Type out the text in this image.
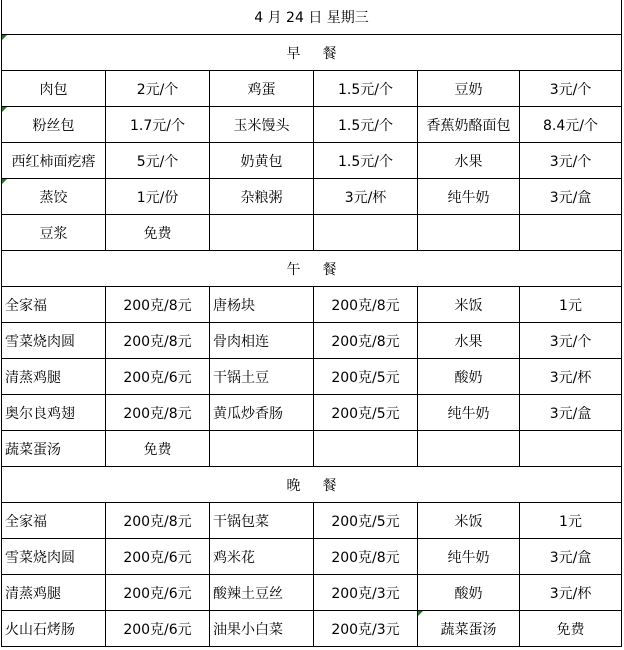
4 月 24 日 星期三					
早 餐					
肉包	2元/个	鸡蛋	1.5元/个	豆奶	3元/个
粉丝包	1.7元/个	玉米馒头	1.5元/个	香蕉奶酪面包	8.4元/个
西红柿面疙瘩	5元/个	奶黄包	1.5元/个	水果	3元/个
蒸饺	1元/份	杂粮粥	3元/杯	纯牛奶	3元/盒
豆浆	免费				
午 餐					
全家福	200克/8元	唐杨块	200克/8元	米饭	1元
雪菜烧肉圆	200克/8元	骨肉相连	200克/8元	水果	3元/个
清蒸鸡腿	200克/6元	干锅土豆	200克/5元	酸奶	3元/杯
奥尔良鸡翅	200克/8元	黄瓜炒香肠	200克/5元	纯牛奶	3元/盒
蔬菜蛋汤	免费				
晚 餐					
全家福	200克/8元	干锅包菜	200克/5元	米饭	1元
雪菜烧肉圆	200克/6元	鸡米花	200克/8元	纯牛奶	3元/盒
清蒸鸡腿	200克/6元	酸辣土豆丝	200克/3元	酸奶	3元/杯
火山石烤肠	200克/6元	油果小白菜	200克/3元	蔬菜蛋汤	免费
